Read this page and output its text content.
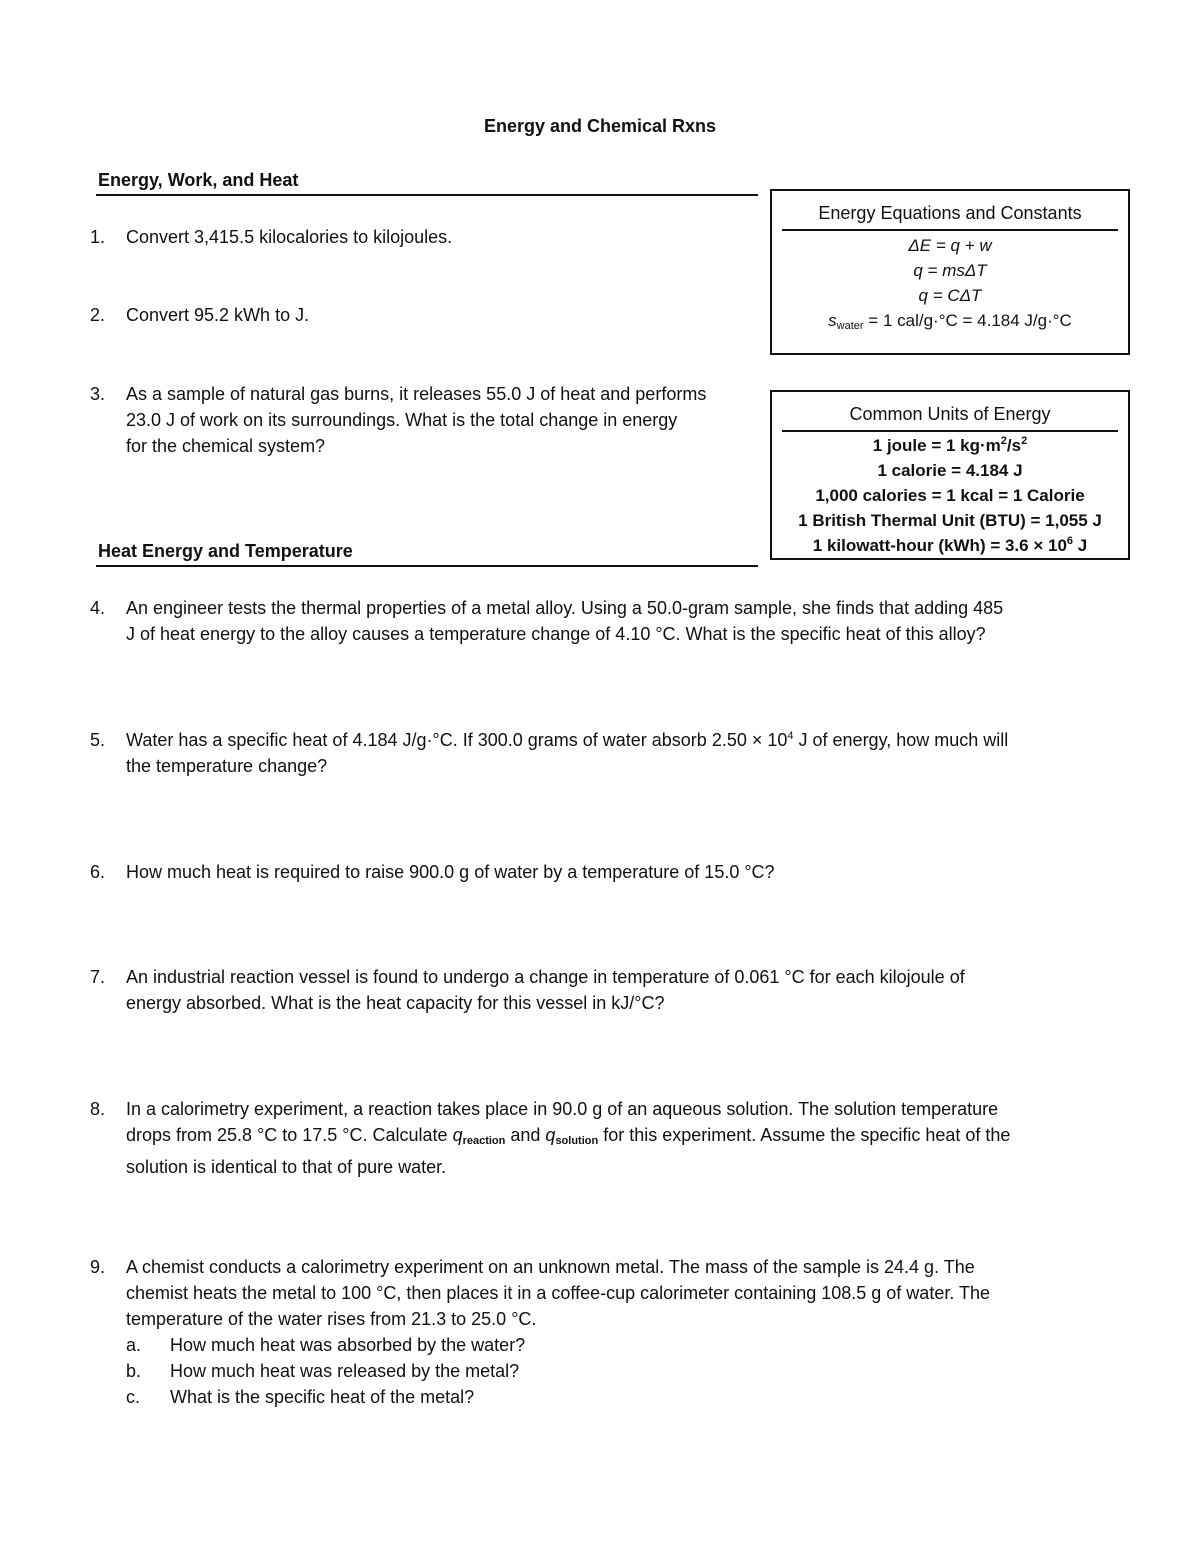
Energy and Chemical Rxns
Energy, Work, and Heat
1.	Convert 3,415.5 kilocalories to kilojoules.
2.	Convert 95.2 kWh to J.
3.	As a sample of natural gas burns, it releases 55.0 J of heat and performs
23.0 J of work on its surroundings. What is the total change in energy
for the chemical system?
Heat Energy and Temperature
Energy Equations and Constants
ΔE = q + w
q = msΔT
q = CΔT
$s_{water} = 1$ cal/g·°C = 4.184 J/g·°C
Common Units of Energy
1 joule = 1 $kg\cdot m^2/s^2$
1 calorie = 4.184 J
1,000 calories = 1 kcal = 1 Calorie
1 British Thermal Unit (BTU) = 1,055 J
1 kilowatt-hour $(kWh) = 3.6 \times 10^6$ J
4.	An engineer tests the thermal properties of a metal alloy. Using a 50.0-gram sample, she finds that adding 485
J of heat energy to the alloy causes a temperature change of 4.10 °C. What is the specific heat of this alloy?
5.	Water has a specific heat of 4.184 J/g·°C. If 300.0 grams of water absorb $2.50 \times 10^4$ J of energy, how much will
the temperature change?
6.	How much heat is required to raise 900.0 g of water by a temperature of 15.0 °C?
7.	An industrial reaction vessel is found to undergo a change in temperature of 0.061 °C for each kilojoule of
energy absorbed. What is the heat capacity for this vessel in kJ/°C?
8.	In a calorimetry experiment, a reaction takes place in 90.0 g of an aqueous solution. The solution temperature
drops from 25.8 °C to 17.5 °C. Calculate $q_{reaction}$ and $q_{solution}$ for this experiment. Assume the specific heat of the
solution is identical to that of pure water.
9.	A chemist conducts a calorimetry experiment on an unknown metal. The mass of the sample is 24.4 g. The
chemist heats the metal to 100 °C, then places it in a coffee-cup calorimeter containing 108.5 g of water. The
temperature of the water rises from 21.3 to 25.0 °C.
a.	How much heat was absorbed by the water?
b.	How much heat was released by the metal?
c.	What is the specific heat of the metal?
